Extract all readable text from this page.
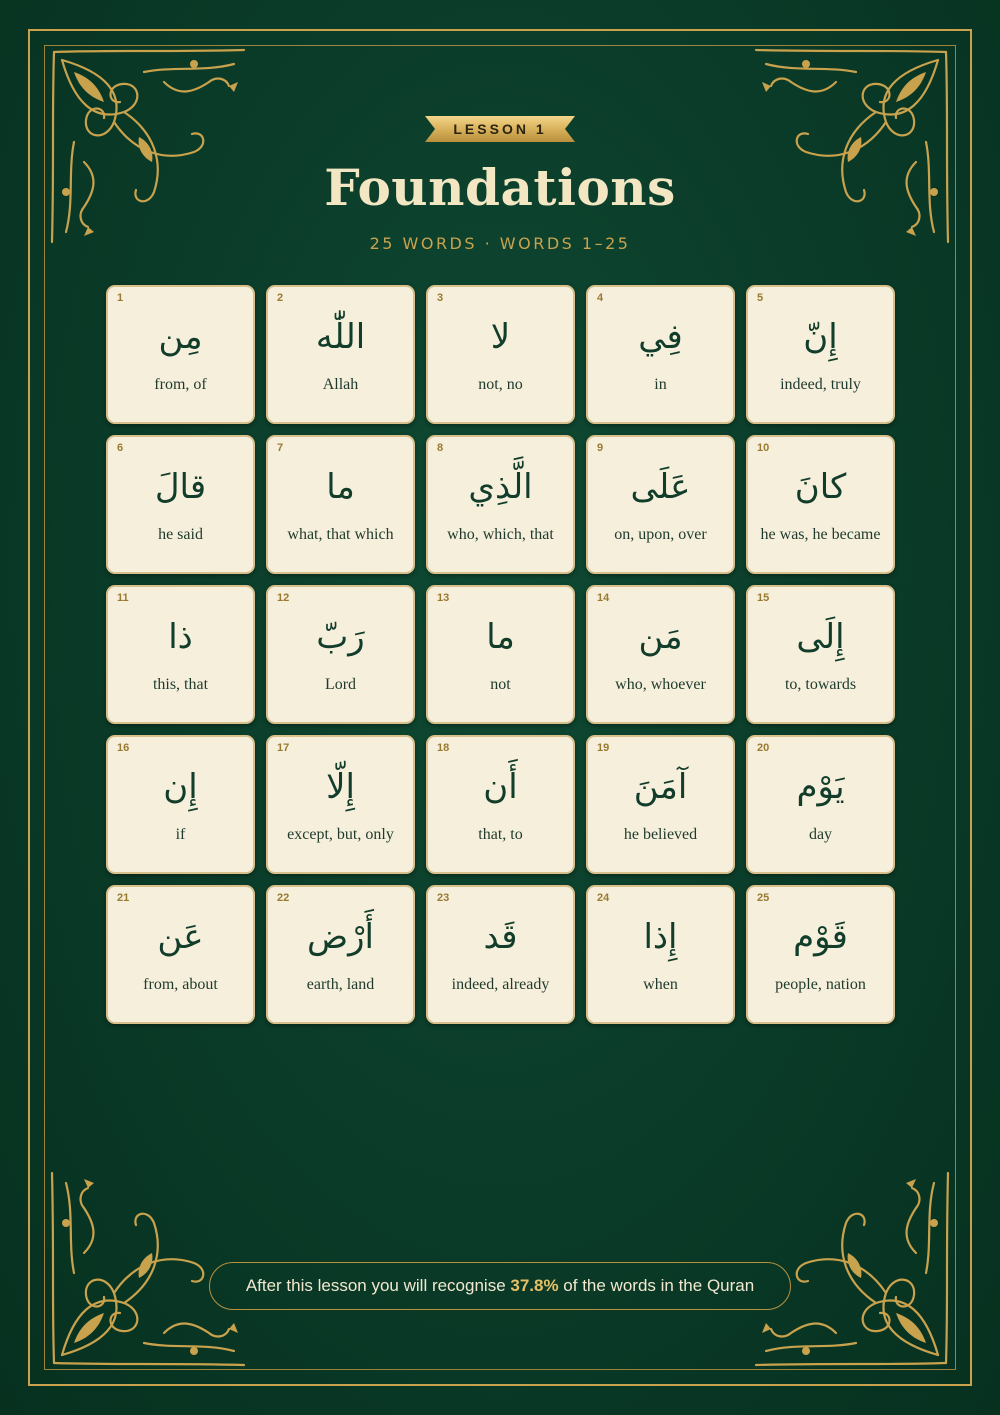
LESSON 1
Foundations
25 WORDS · WORDS 1–25
1
مِن
from, of
2
اللّٰه
Allah
3
لا
not, no
4
فِي
in
5
إِنّ
indeed, truly
6
قالَ
he said
7
ما
what, that which
8
الَّذِي
who, which, that
9
عَلَى
on, upon, over
10
كانَ
he was, he became
11
ذا
this, that
12
رَبّ
Lord
13
ما
not
14
مَن
who, whoever
15
إِلَى
to, towards
16
إِن
if
17
إِلّا
except, but, only
18
أَن
that, to
19
آمَنَ
he believed
20
يَوْم
day
21
عَن
from, about
22
أَرْض
earth, land
23
قَد
indeed, already
24
إِذا
when
25
قَوْم
people, nation
After this lesson you will recognise 37.8% of the words in the Quran
